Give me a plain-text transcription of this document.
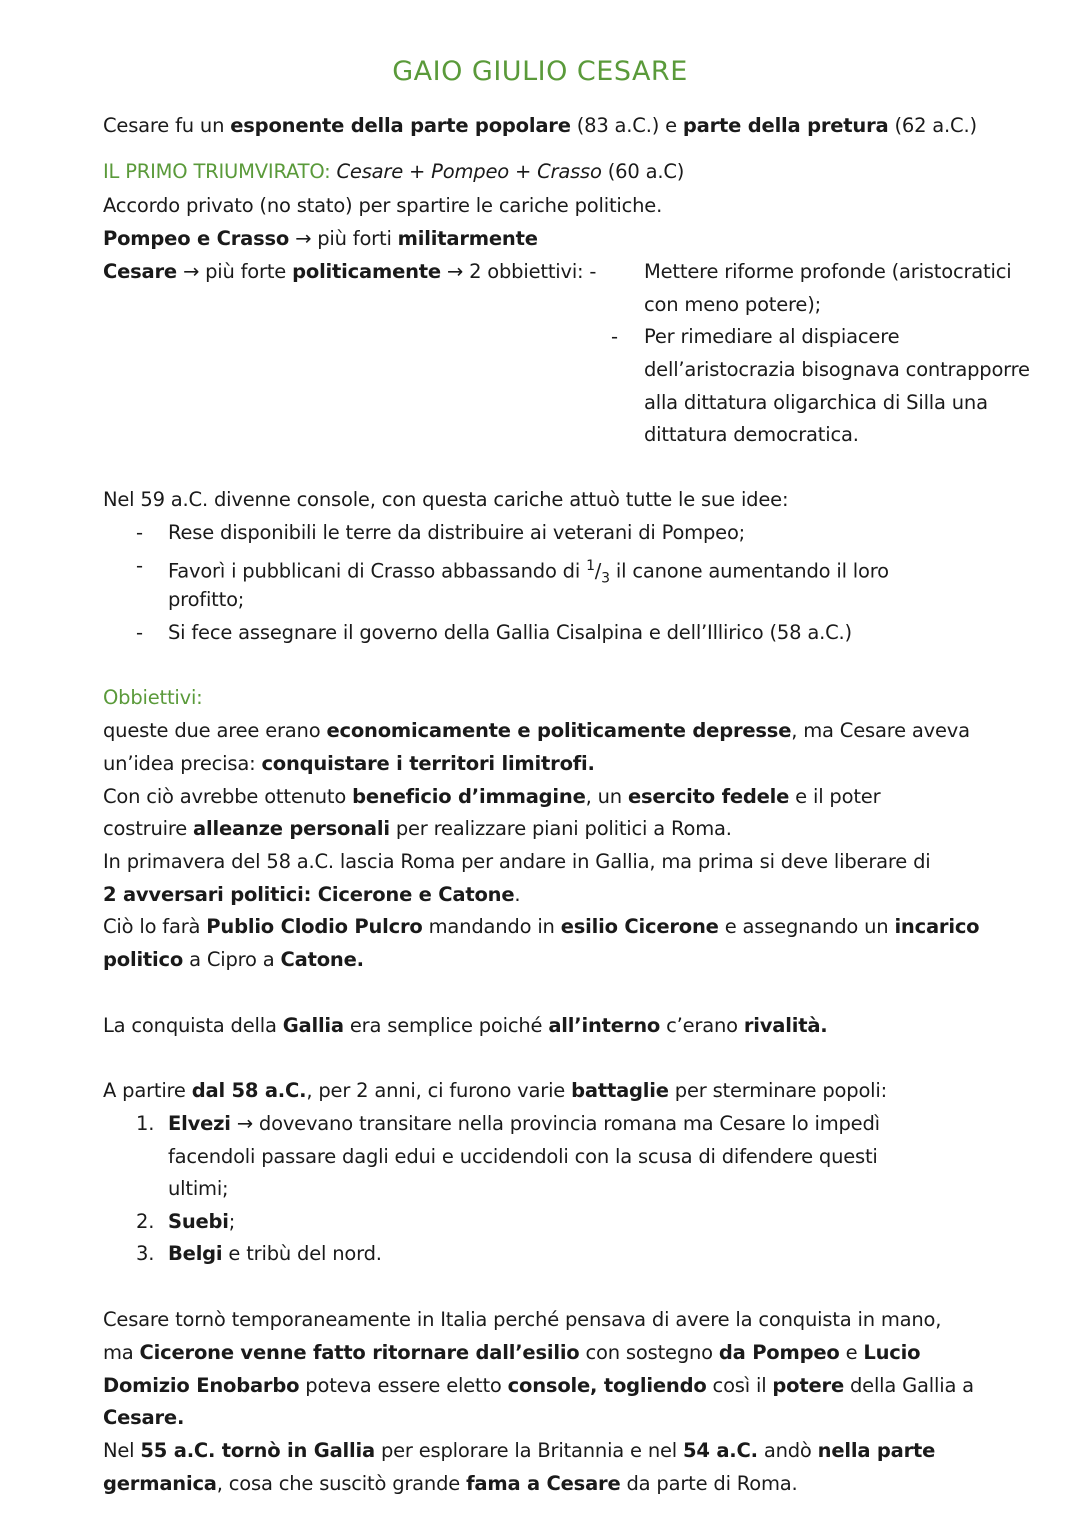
GAIO GIULIO CESARE
Cesare fu un esponente della parte popolare (83 a.C.) e parte della pretura (62 a.C.)
IL PRIMO TRIUMVIRATO: Cesare + Pompeo + Crasso (60 a.C)
Accordo privato (no stato) per spartire le cariche politiche.
Pompeo e Crasso → più forti militarmente
Cesare → più forte politicamente → 2 obbiettivi: - Mettere riforme profonde (aristocratici
con meno potere);
- Per rimediare al dispiacere
dell’aristocrazia bisognava contrapporre
alla dittatura oligarchica di Silla una
dittatura democratica.
Nel 59 a.C. divenne console, con questa cariche attuò tutte le sue idee:
- Rese disponibili le terre da distribuire ai veterani di Pompeo;
- Favorì i pubblicani di Crasso abbassando di $^1/_3$ il canone aumentando il loro
profitto;
- Si fece assegnare il governo della Gallia Cisalpina e dell’Illirico (58 a.C.)
Obbiettivi:
queste due aree erano economicamente e politicamente depresse, ma Cesare aveva
un’idea precisa: conquistare i territori limitrofi.
Con ciò avrebbe ottenuto beneficio d’immagine, un esercito fedele e il poter
costruire alleanze personali per realizzare piani politici a Roma.
In primavera del 58 a.C. lascia Roma per andare in Gallia, ma prima si deve liberare di
2 avversari politici: Cicerone e Catone.
Ciò lo farà Publio Clodio Pulcro mandando in esilio Cicerone e assegnando un incarico
politico a Cipro a Catone.
La conquista della Gallia era semplice poiché all’interno c’erano rivalità.
A partire dal 58 a.C., per 2 anni, ci furono varie battaglie per sterminare popoli:
1. Elvezi → dovevano transitare nella provincia romana ma Cesare lo impedì
facendoli passare dagli edui e uccidendoli con la scusa di difendere questi
ultimi;
2. Suebi;
3. Belgi e tribù del nord.
Cesare tornò temporaneamente in Italia perché pensava di avere la conquista in mano,
ma Cicerone venne fatto ritornare dall’esilio con sostegno da Pompeo e Lucio
Domizio Enobarbo poteva essere eletto console, togliendo così il potere della Gallia a
Cesare.
Nel 55 a.C. tornò in Gallia per esplorare la Britannia e nel 54 a.C. andò nella parte
germanica, cosa che suscitò grande fama a Cesare da parte di Roma.
